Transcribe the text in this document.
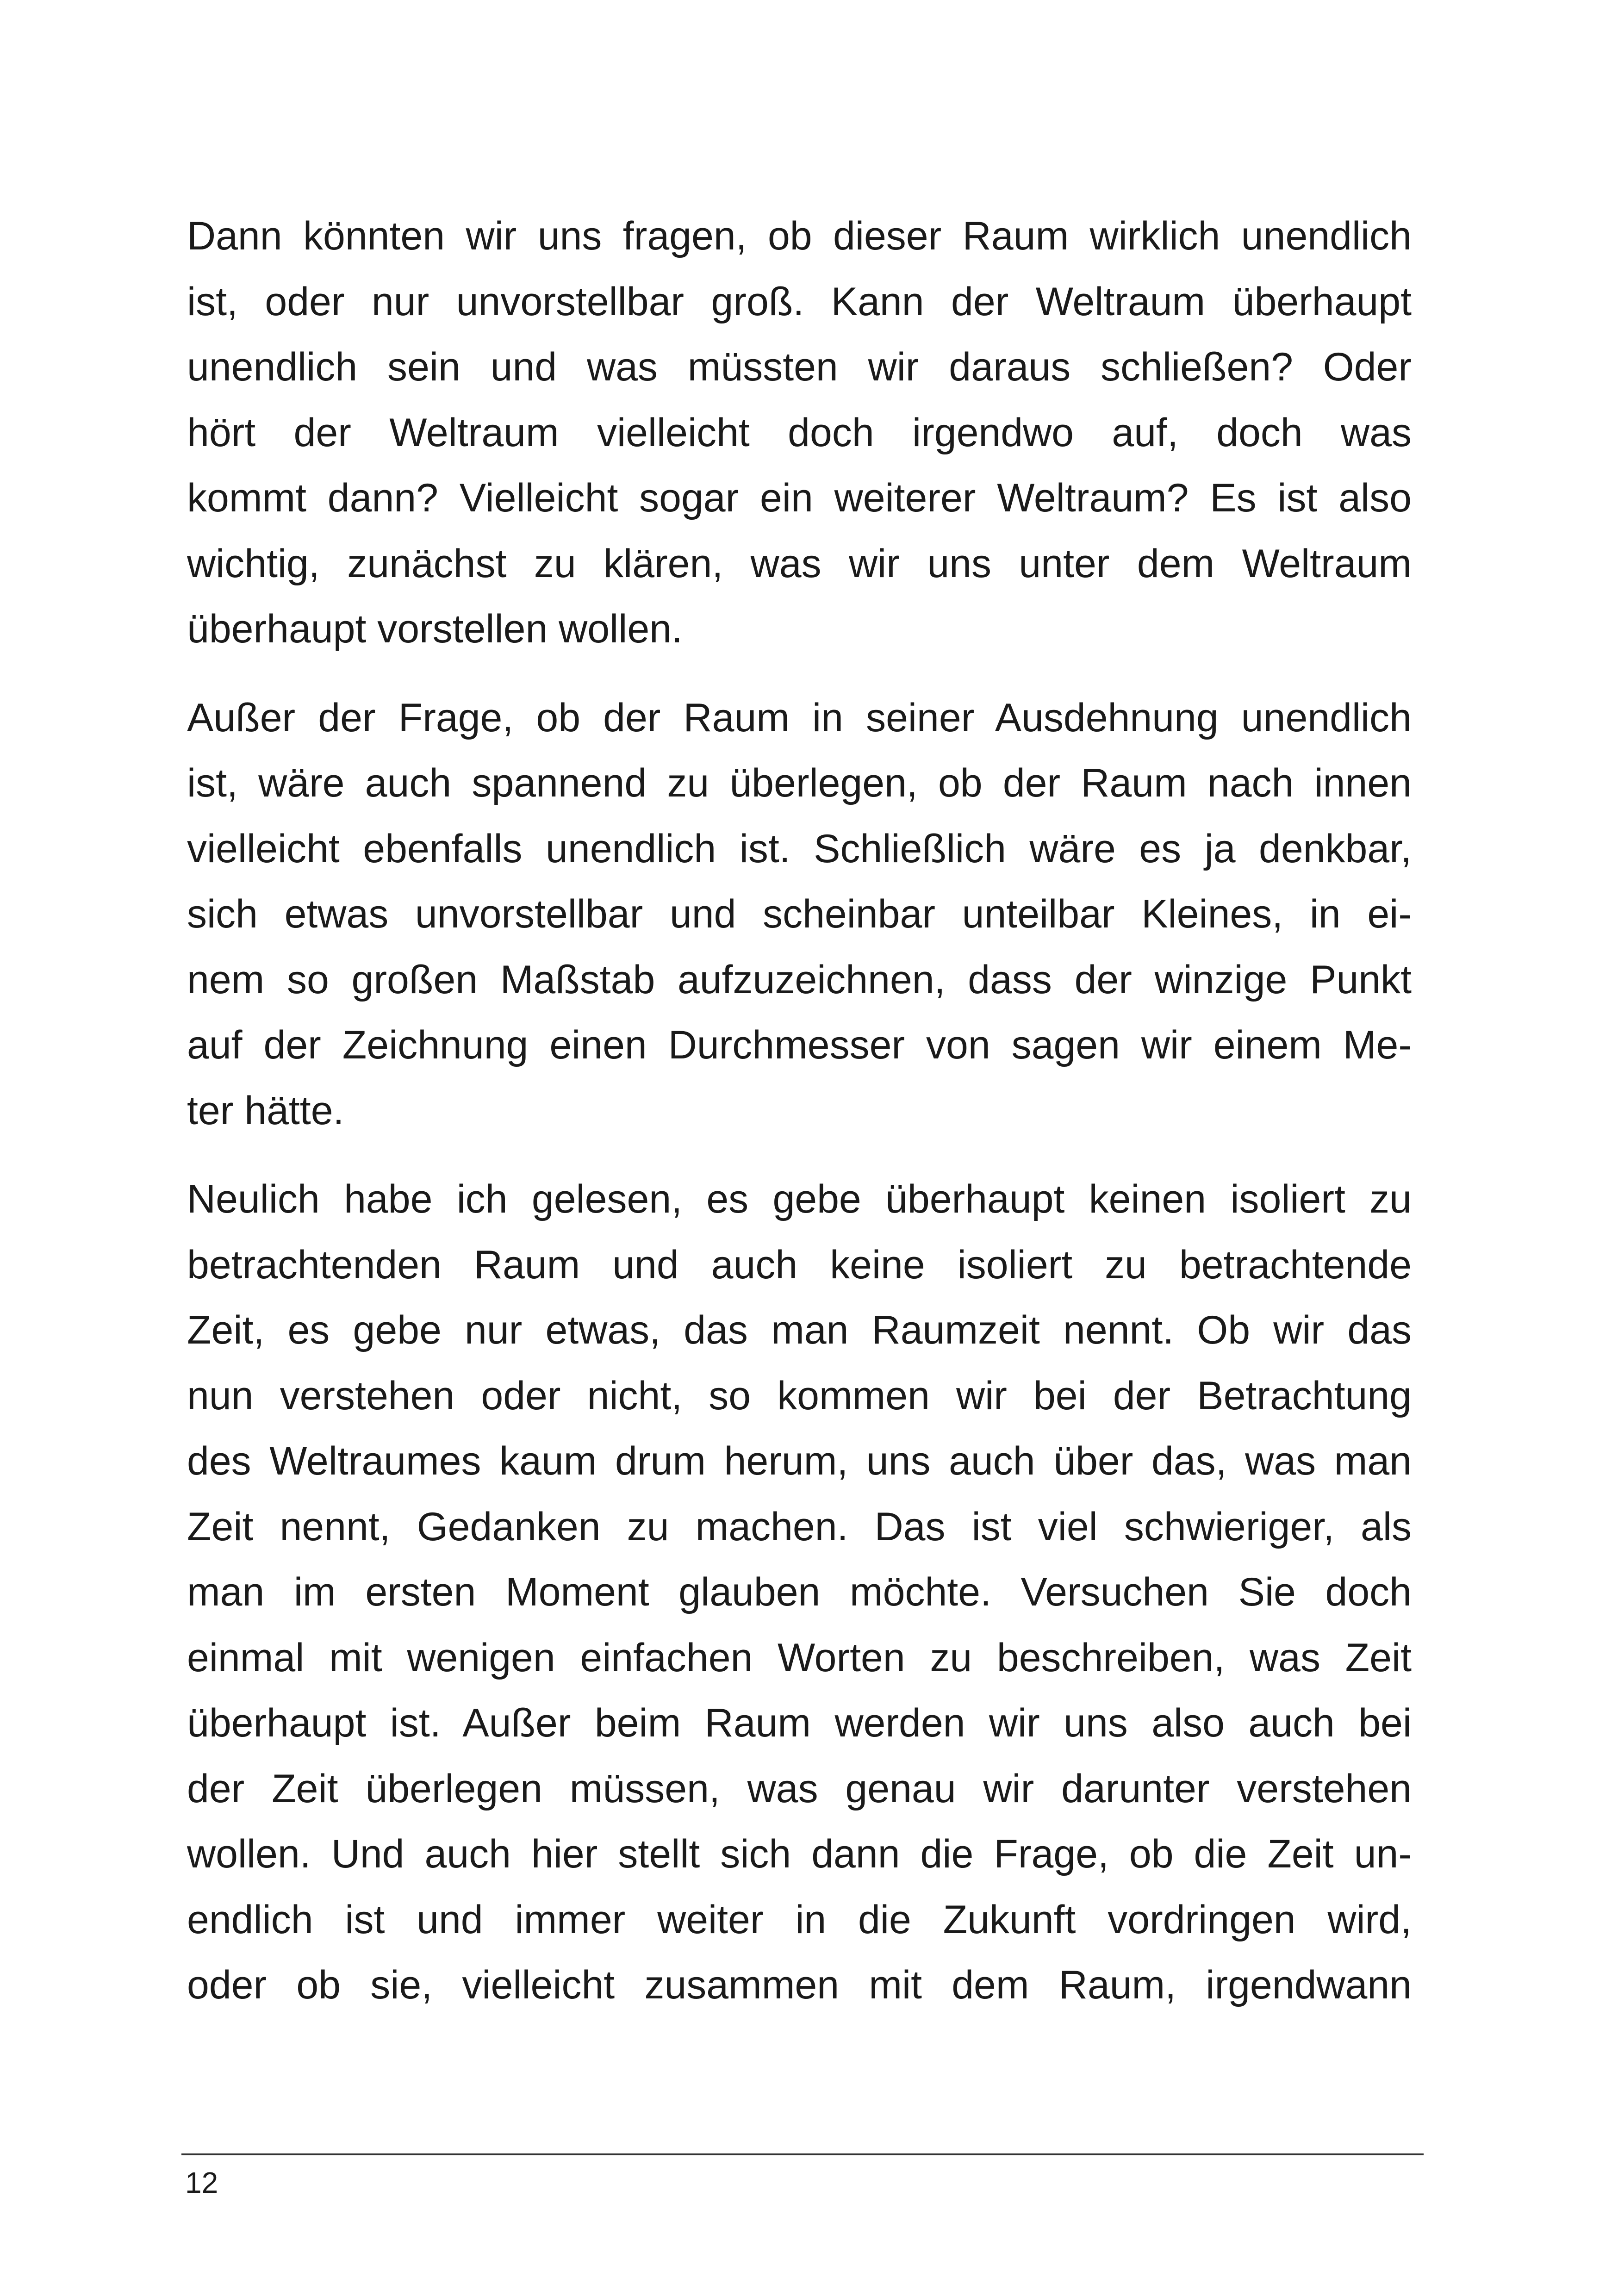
Dann könnten wir uns fragen, ob dieser Raum wirklich unendlich
ist, oder nur unvorstellbar groß. Kann der Weltraum überhaupt
unendlich sein und was müssten wir daraus schließen? Oder
hört der Weltraum vielleicht doch irgendwo auf, doch was
kommt dann? Vielleicht sogar ein weiterer Weltraum? Es ist also
wichtig, zunächst zu klären, was wir uns unter dem Weltraum
überhaupt vorstellen wollen.
Außer der Frage, ob der Raum in seiner Ausdehnung unendlich
ist, wäre auch spannend zu überlegen, ob der Raum nach innen
vielleicht ebenfalls unendlich ist. Schließlich wäre es ja denkbar,
sich etwas unvorstellbar und scheinbar unteilbar Kleines, in ei-
nem so großen Maßstab aufzuzeichnen, dass der winzige Punkt
auf der Zeichnung einen Durchmesser von sagen wir einem Me-
ter hätte.
Neulich habe ich gelesen, es gebe überhaupt keinen isoliert zu
betrachtenden Raum und auch keine isoliert zu betrachtende
Zeit, es gebe nur etwas, das man Raumzeit nennt. Ob wir das
nun verstehen oder nicht, so kommen wir bei der Betrachtung
des Weltraumes kaum drum herum, uns auch über das, was man
Zeit nennt, Gedanken zu machen. Das ist viel schwieriger, als
man im ersten Moment glauben möchte. Versuchen Sie doch
einmal mit wenigen einfachen Worten zu beschreiben, was Zeit
überhaupt ist. Außer beim Raum werden wir uns also auch bei
der Zeit überlegen müssen, was genau wir darunter verstehen
wollen. Und auch hier stellt sich dann die Frage, ob die Zeit un-
endlich ist und immer weiter in die Zukunft vordringen wird,
oder ob sie, vielleicht zusammen mit dem Raum, irgendwann
12
